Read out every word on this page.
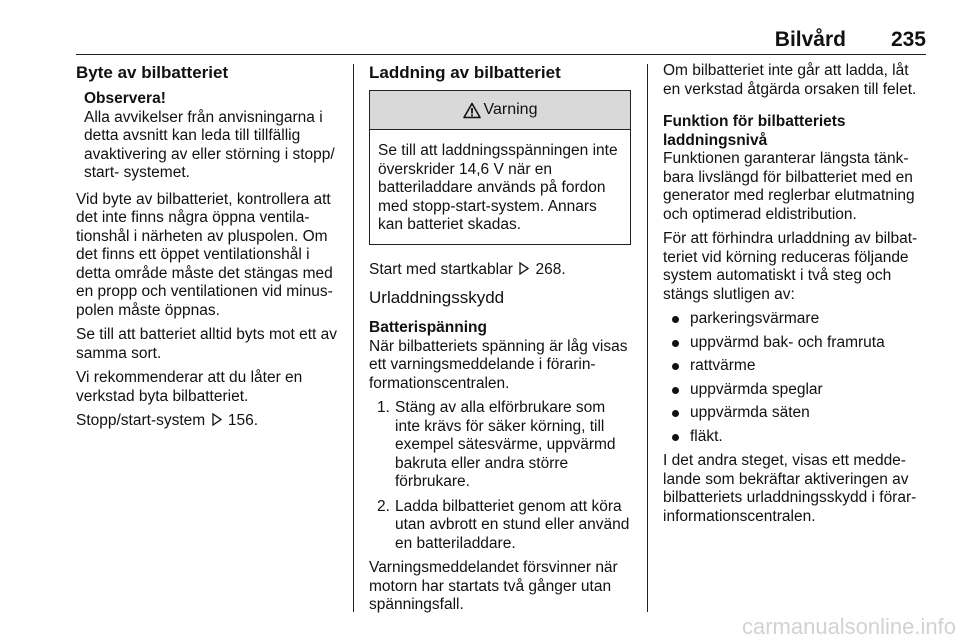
Bilvård 235
Byte av bilbatteriet
Observera!
Alla avvikelser från anvisningarna i detta avsnitt kan leda till tillfällig avaktivering av eller störning i stopp/ start- systemet.

Vid byte av bilbatteriet, kontrollera att det inte finns några öppna ventila- tionshål i närheten av pluspolen. Om det finns ett öppet ventilationshål i detta område måste det stängas med en propp och ventilationen vid minus- polen måste öppnas.

Se till att batteriet alltid byts mot ett av samma sort.

Vi rekommenderar att du låter en verkstad byta bilbatteriet.

Stopp/start-system 156.

Laddning av bilbatteriet
Varning
Se till att laddningsspänningen inte överskrider 14,6 V när en batteriladdare används på fordon med stopp-start-system. Annars kan batteriet skadas.

Start med startkablar 268.

Urladdningsskydd
Batterispänning

När bilbatteriets spänning är låg visas ett varningsmeddelande i förarin- formationscentralen.

1. Stäng av alla elförbrukare som inte krävs för säker körning, till exempel sätesvärme, uppvärmd bakruta eller andra större förbrukare.
2. Ladda bilbatteriet genom att köra utan avbrott en stund eller använd en batteriladdare.

Varningsmeddelandet försvinner när motorn har startats två gånger utan spänningsfall.

Om bilbatteriet inte går att ladda, låt en verkstad åtgärda orsaken till felet.

Funktion för bilbatteriets laddningsnivå

Funktionen garanterar längsta tänk- bara livslängd för bilbatteriet med en generator med reglerbar elutmatning och optimerad eldistribution.

För att förhindra urladdning av bilbat- teriet vid körning reduceras följande system automatiskt i två steg och stängs slutligen av:

parkeringsvärmare
uppvärmd bak- och framruta
rattvärme
uppvärmda speglar
uppvärmda säten
fläkt.

I det andra steget, visas ett medde- lande som bekräftar aktiveringen av bilbatteriets urladdningsskydd i förar- informationscentralen.

carmanualsonline.info
